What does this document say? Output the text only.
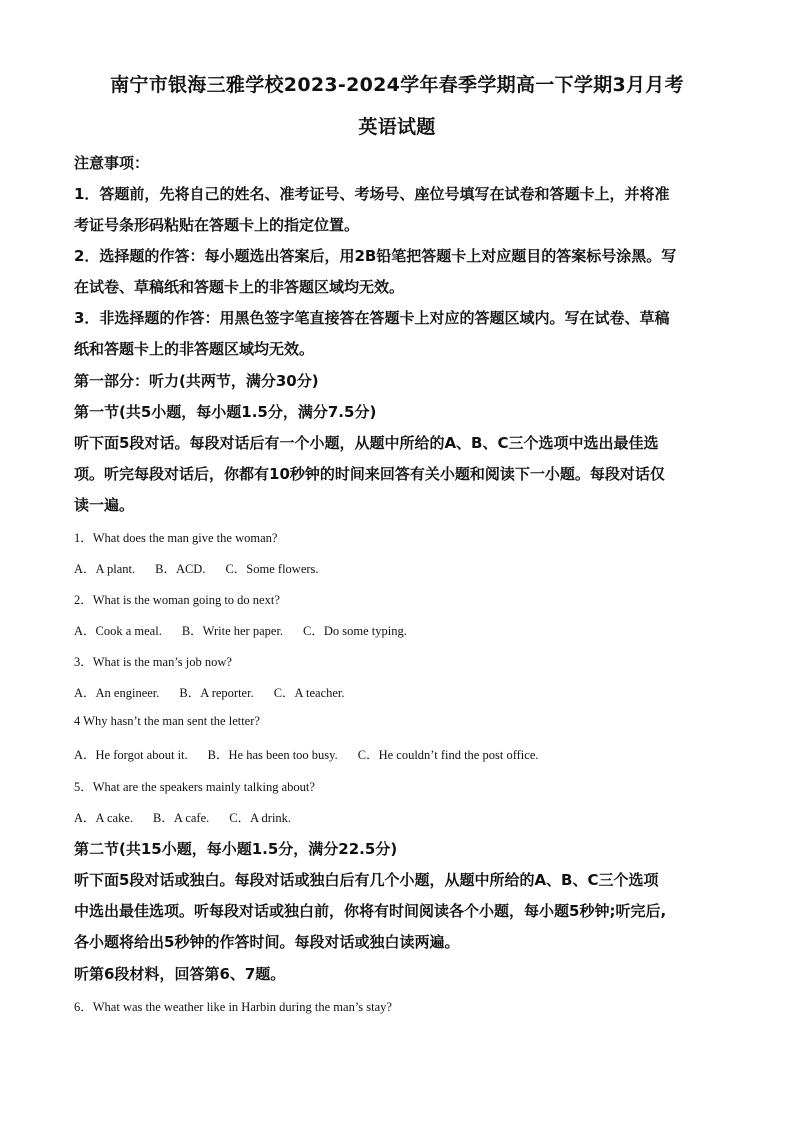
南宁市银海三雅学校2023-2024学年春季学期高一下学期3月月考
英语试题
注意事项：
1．答题前，先将自己的姓名、准考证号、考场号、座位号填写在试卷和答题卡上，并将准
考证号条形码粘贴在答题卡上的指定位置。
2．选择题的作答：每小题选出答案后，用2B铅笔把答题卡上对应题目的答案标号涂黑。写
在试卷、草稿纸和答题卡上的非答题区域均无效。
3．非选择题的作答：用黑色签字笔直接答在答题卡上对应的答题区域内。写在试卷、草稿
纸和答题卡上的非答题区域均无效。
第一部分：听力(共两节，满分30分)
第一节(共5小题，每小题1.5分，满分7.5分)
听下面5段对话。每段对话后有一个小题，从题中所给的A、B、C三个选项中选出最佳选
项。听完每段对话后，你都有10秒钟的时间来回答有关小题和阅读下一小题。每段对话仅
读一遍。
1．What does the man give the woman?
A．A plant. B．ACD. C．Some flowers.
2．What is the woman going to do next?
A．Cook a meal. B．Write her paper. C．Do some typing.
3．What is the man’s job now?
A．An engineer. B．A reporter. C．A teacher.
4 Why hasn’t the man sent the letter?
A．He forgot about it. B．He has been too busy. C．He couldn’t find the post office.
5．What are the speakers mainly talking about?
A．A cake. B．A cafe. C．A drink.
第二节(共15小题，每小题1.5分，满分22.5分)
听下面5段对话或独白。每段对话或独白后有几个小题，从题中所给的A、B、C三个选项
中选出最佳选项。听每段对话或独白前，你将有时间阅读各个小题，每小题5秒钟;听完后,
各小题将给出5秒钟的作答时间。每段对话或独白读两遍。
听第6段材料，回答第6、7题。
6．What was the weather like in Harbin during the man’s stay?
